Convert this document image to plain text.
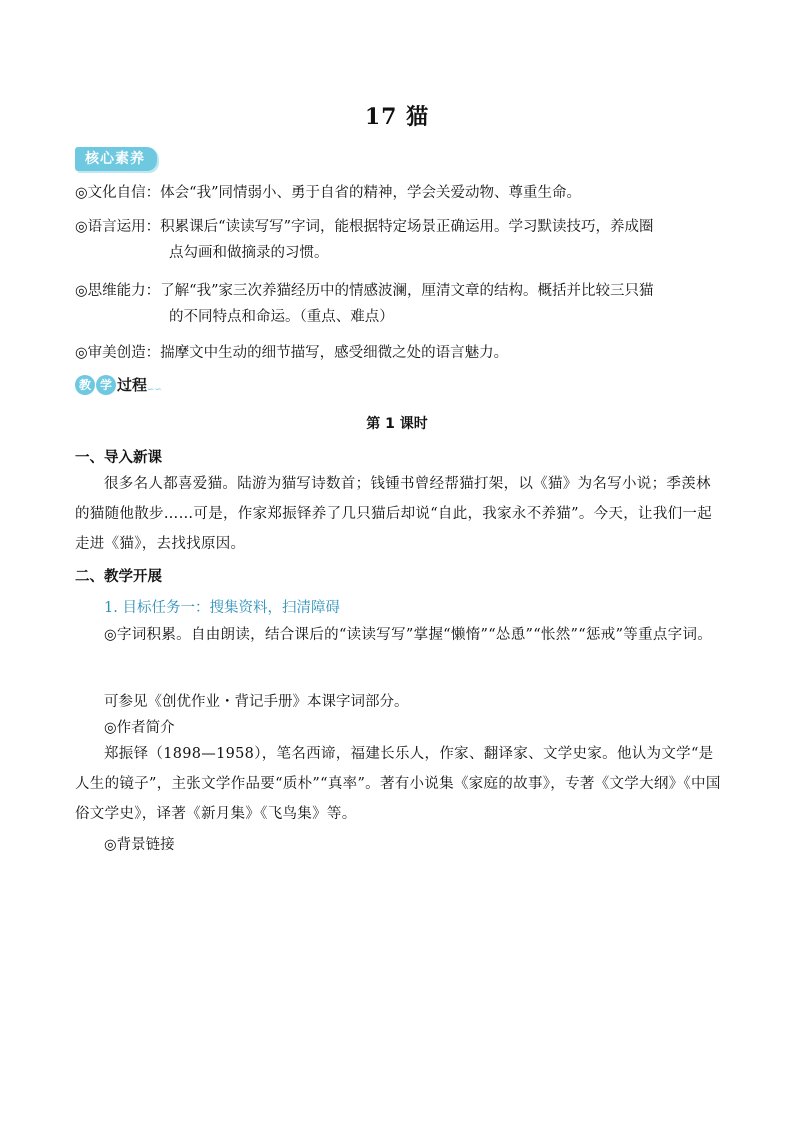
17 猫
核心素养
◎文化自信：体会“我”同情弱小、勇于自省的精神，学会关爱动物、尊重生命。
◎语言运用：积累课后“读读写写”字词，能根据特定场景正确运用。学习默读技巧，养成圈
点勾画和做摘录的习惯。
◎思维能力：了解“我”家三次养猫经历中的情感波澜，厘清文章的结构。概括并比较三只猫
的不同特点和命运。（重点、难点）
◎审美创造：揣摩文中生动的细节描写，感受细微之处的语言魅力。
教 学 过程∽∽
第 1 课时
一、导入新课
很多名人都喜爱猫。陆游为猫写诗数首；钱锺书曾经帮猫打架，以《猫》为名写小说；季羡林的猫随他散步……可是，作家郑振铎养了几只猫后却说“自此，我家永不养猫”。今天，让我们一起走进《猫》，去找找原因。
二、教学开展
1. 目标任务一：搜集资料，扫清障碍
◎字词积累。自由朗读，结合课后的“读读写写”掌握“懒惰”“怂恿”“怅然”“惩戒”等重点字词。
可参见《创优作业・背记手册》本课字词部分。
◎作者简介
郑振铎（1898—1958），笔名西谛，福建长乐人，作家、翻译家、文学史家。他认为文学“是人生的镜子”，主张文学作品要“质朴”“真率”。著有小说集《家庭的故事》，专著《文学大纲》《中国俗文学史》，译著《新月集》《飞鸟集》等。
◎背景链接
